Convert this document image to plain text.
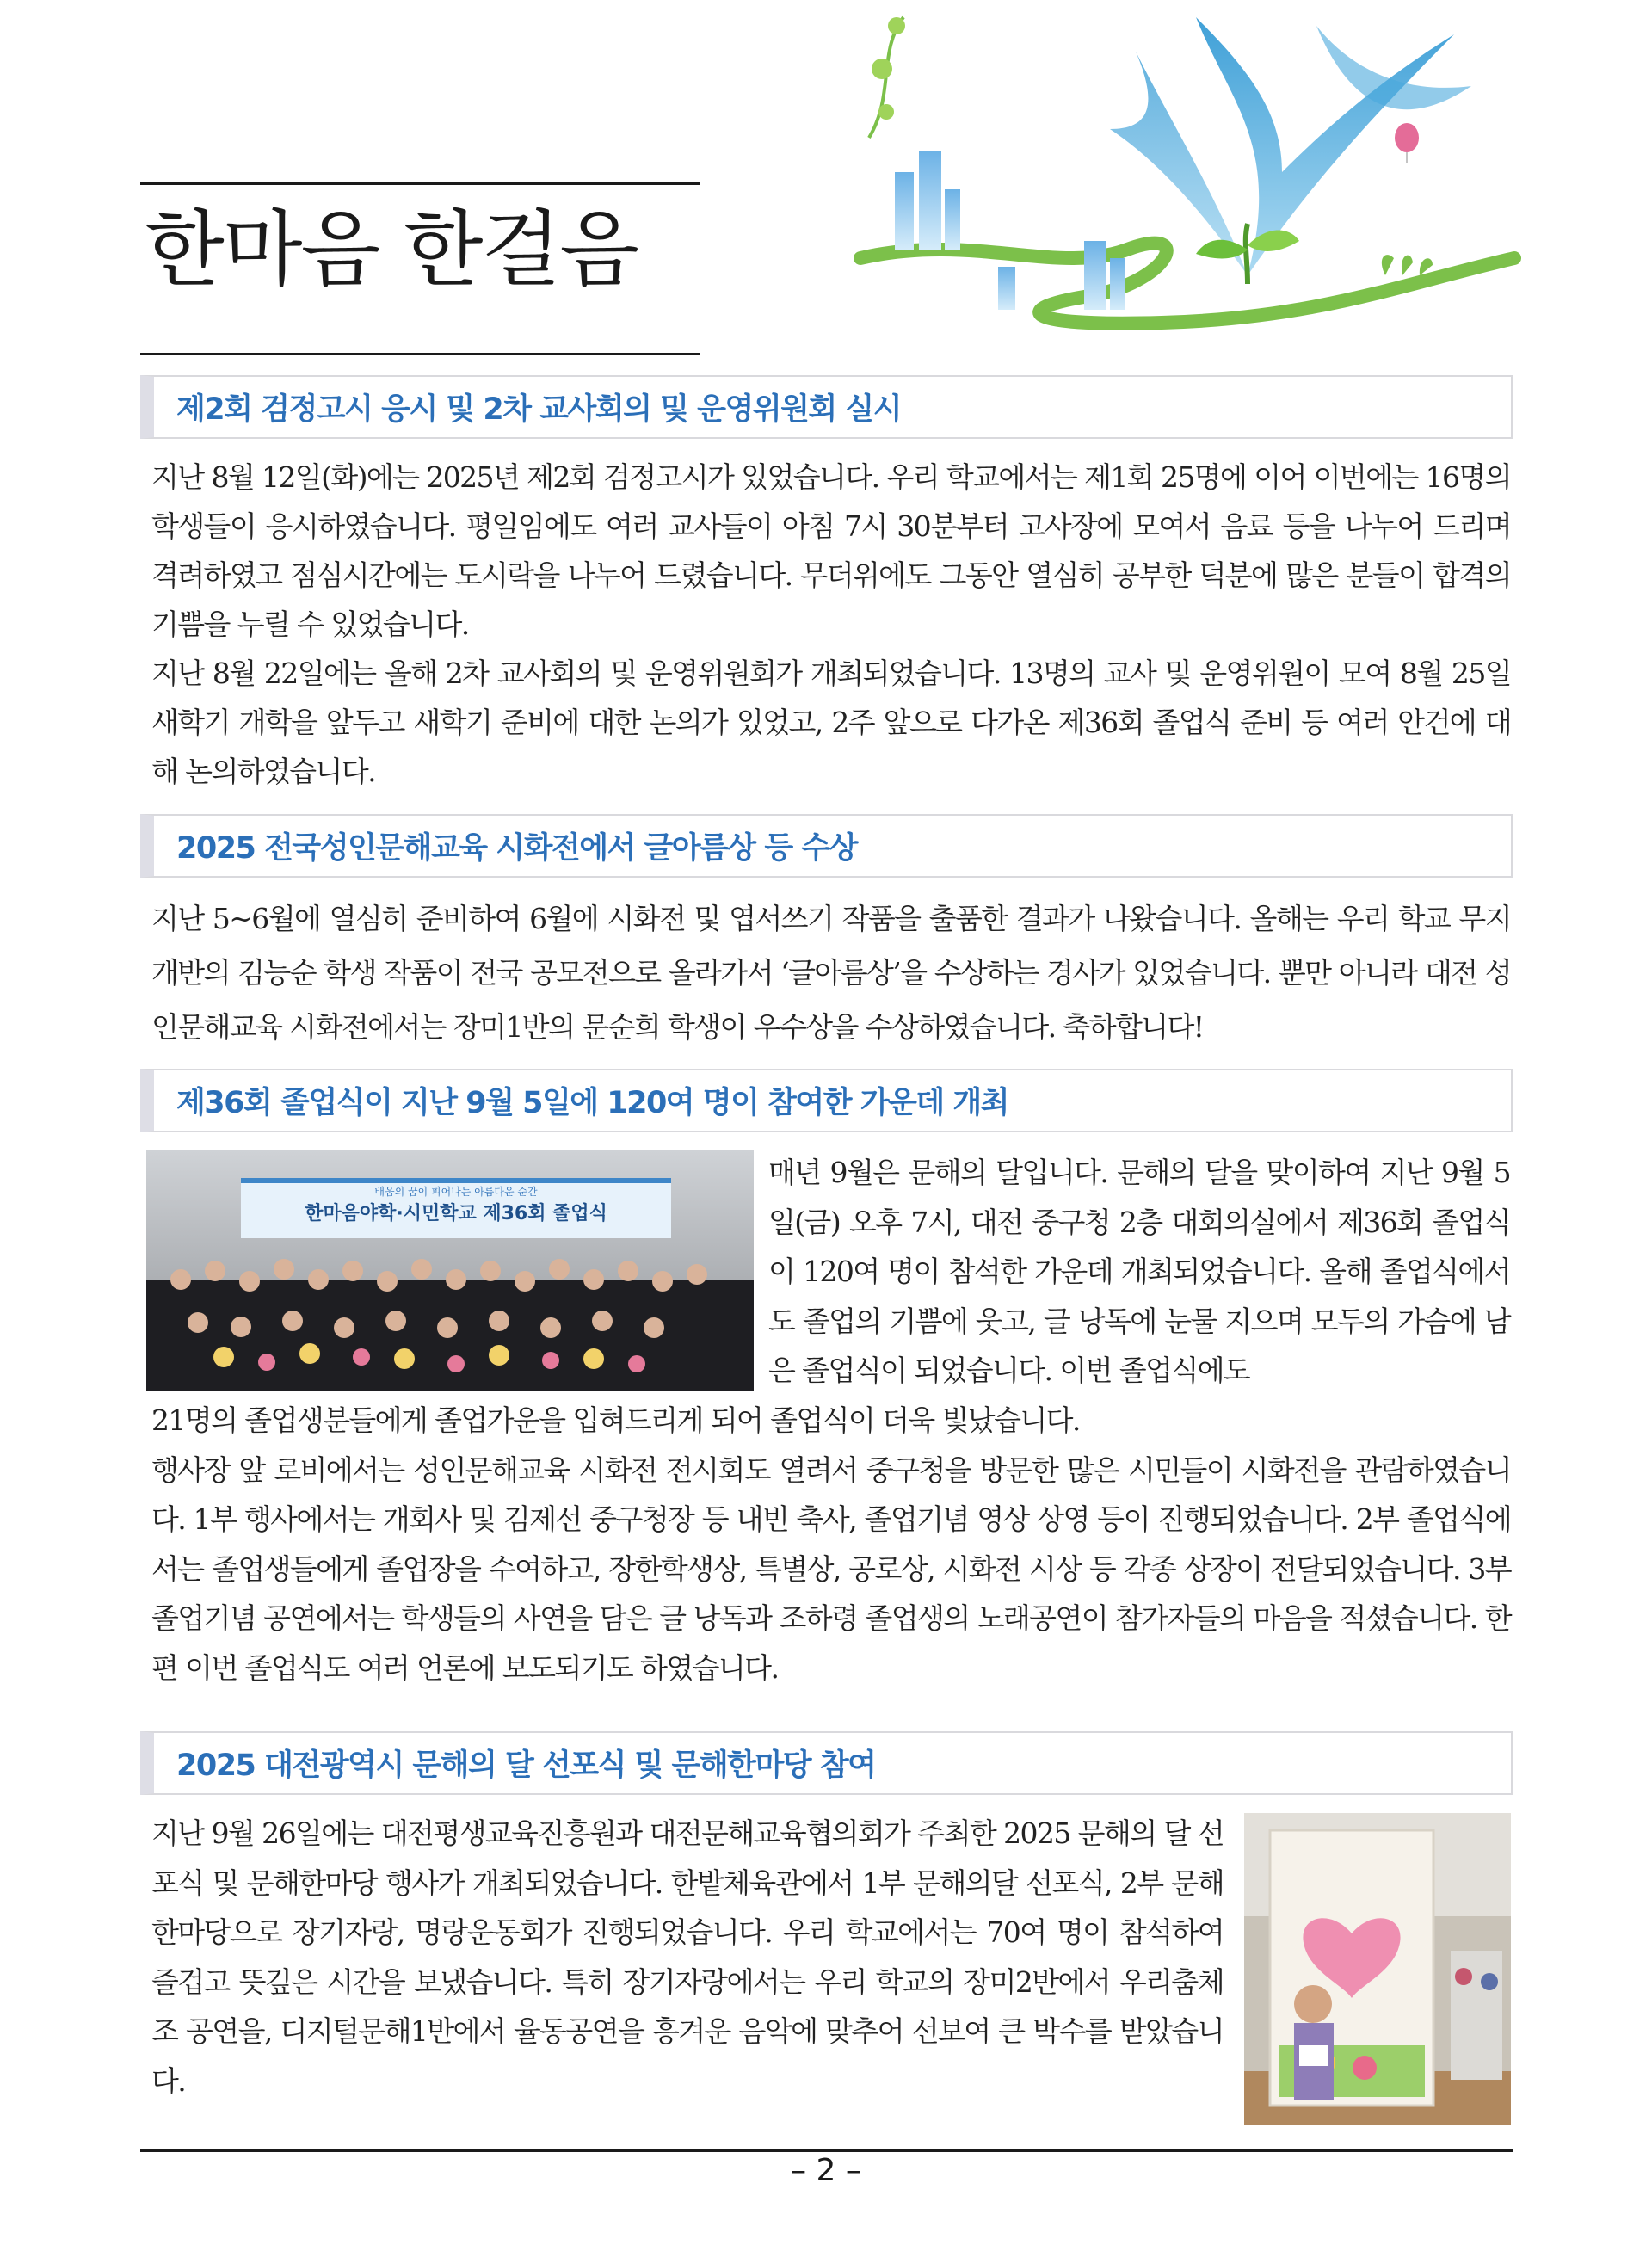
한마음 한걸음
제2회 검정고시 응시 및 2차 교사회의 및 운영위원회 실시

지난 8월 12일(화)에는 2025년 제2회 검정고시가 있었습니다. 우리 학교에서는 제1회 25명에 이어 이번에는 16명의 학생들이 응시하였습니다. 평일임에도 여러 교사들이 아침 7시 30분부터 고사장에 모여서 음료 등을 나누어 드리며 격려하였고 점심시간에는 도시락을 나누어 드렸습니다. 무더위에도 그동안 열심히 공부한 덕분에 많은 분들이 합격의 기쁨을 누릴 수 있었습니다.

지난 8월 22일에는 올해 2차 교사회의 및 운영위원회가 개최되었습니다. 13명의 교사 및 운영위원이 모여 8월 25일 새학기 개학을 앞두고 새학기 준비에 대한 논의가 있었고, 2주 앞으로 다가온 제36회 졸업식 준비 등 여러 안건에 대해 논의하였습니다.

2025 전국성인문해교육 시화전에서 글아름상 등 수상

지난 5~6월에 열심히 준비하여 6월에 시화전 및 엽서쓰기 작품을 출품한 결과가 나왔습니다. 올해는 우리 학교 무지개반의 김능순 학생 작품이 전국 공모전으로 올라가서 ‘글아름상’을 수상하는 경사가 있었습니다. 뿐만 아니라 대전 성인문해교육 시화전에서는 장미1반의 문순희 학생이 우수상을 수상하였습니다. 축하합니다!

제36회 졸업식이 지난 9월 5일에 120여 명이 참여한 가운데 개최
배움의 꿈이 피어나는 아름다운 순간
한마음야학·시민학교 제36회 졸업식

매년 9월은 문해의 달입니다. 문해의 달을 맞이하여 지난 9월 5일(금) 오후 7시, 대전 중구청 2층 대회의실에서 제36회 졸업식이 120여 명이 참석한 가운데 개최되었습니다. 올해 졸업식에서도 졸업의 기쁨에 웃고, 글 낭독에 눈물 지으며 모두의 가슴에 남은 졸업식이 되었습니다. 이번 졸업식에도

21명의 졸업생분들에게 졸업가운을 입혀드리게 되어 졸업식이 더욱 빛났습니다.

행사장 앞 로비에서는 성인문해교육 시화전 전시회도 열려서 중구청을 방문한 많은 시민들이 시화전을 관람하였습니다. 1부 행사에서는 개회사 및 김제선 중구청장 등 내빈 축사, 졸업기념 영상 상영 등이 진행되었습니다. 2부 졸업식에서는 졸업생들에게 졸업장을 수여하고, 장한학생상, 특별상, 공로상, 시화전 시상 등 각종 상장이 전달되었습니다. 3부 졸업기념 공연에서는 학생들의 사연을 담은 글 낭독과 조하령 졸업생의 노래공연이 참가자들의 마음을 적셨습니다. 한편 이번 졸업식도 여러 언론에 보도되기도 하였습니다.

2025 대전광역시 문해의 달 선포식 및 문해한마당 참여

지난 9월 26일에는 대전평생교육진흥원과 대전문해교육협의회가 주최한 2025 문해의 달 선포식 및 문해한마당 행사가 개최되었습니다. 한밭체육관에서 1부 문해의달 선포식, 2부 문해한마당으로 장기자랑, 명랑운동회가 진행되었습니다. 우리 학교에서는 70여 명이 참석하여 즐겁고 뜻깊은 시간을 보냈습니다. 특히 장기자랑에서는 우리 학교의 장미2반에서 우리춤체조 공연을, 디지털문해1반에서 율동공연을 흥겨운 음악에 맞추어 선보여 큰 박수를 받았습니다.

– 2 –
